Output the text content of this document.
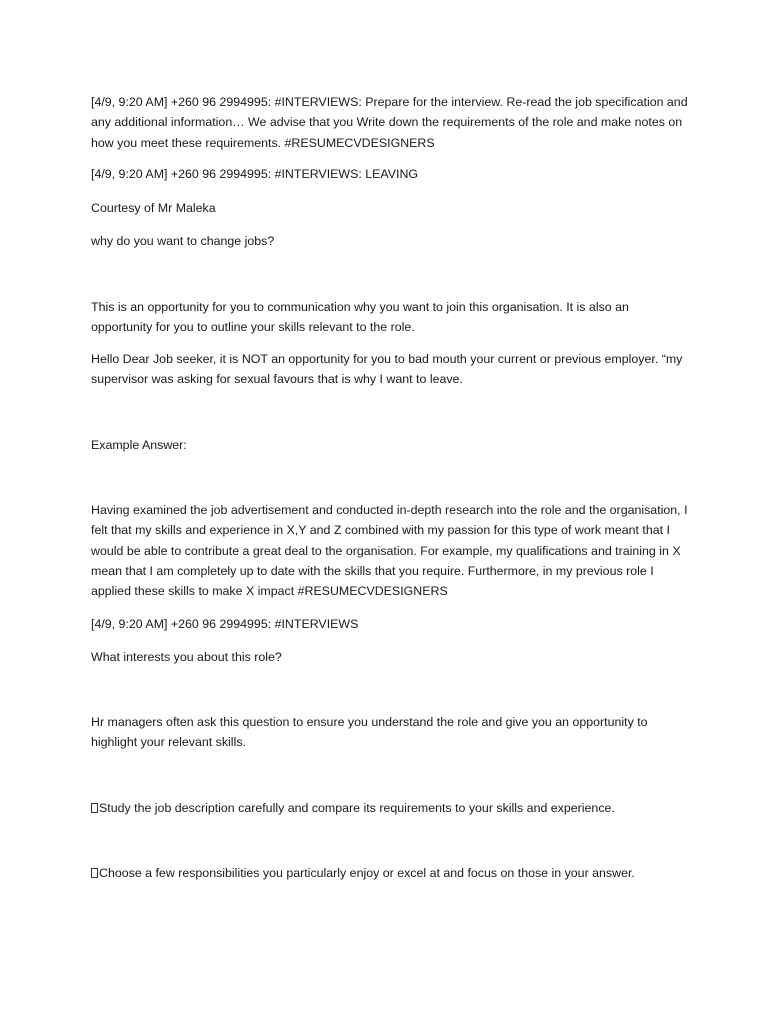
[4/9, 9:20 AM] +260 96 2994995: #INTERVIEWS: Prepare for the interview. Re-read the job specification and any additional information… We advise that you Write down the requirements of the role and make notes on how you meet these requirements. #RESUMECVDESIGNERS

[4/9, 9:20 AM] +260 96 2994995: #INTERVIEWS: LEAVING

Courtesy of Mr Maleka

why do you want to change jobs?

This is an opportunity for you to communication why you want to join this organisation. It is also an opportunity for you to outline your skills relevant to the role.

Hello Dear Job seeker, it is NOT an opportunity for you to bad mouth your current or previous employer. “my supervisor was asking for sexual favours that is why I want to leave.

Example Answer:

Having examined the job advertisement and conducted in-depth research into the role and the organisation, I felt that my skills and experience in X,Y and Z combined with my passion for this type of work meant that I would be able to contribute a great deal to the organisation. For example, my qualifications and training in X mean that I am completely up to date with the skills that you require. Furthermore, in my previous role I applied these skills to make X impact #RESUMECVDESIGNERS

[4/9, 9:20 AM] +260 96 2994995: #INTERVIEWS

What interests you about this role?

Hr managers often ask this question to ensure you understand the role and give you an opportunity to highlight your relevant skills.

Study the job description carefully and compare its requirements to your skills and experience.

Choose a few responsibilities you particularly enjoy or excel at and focus on those in your answer.
